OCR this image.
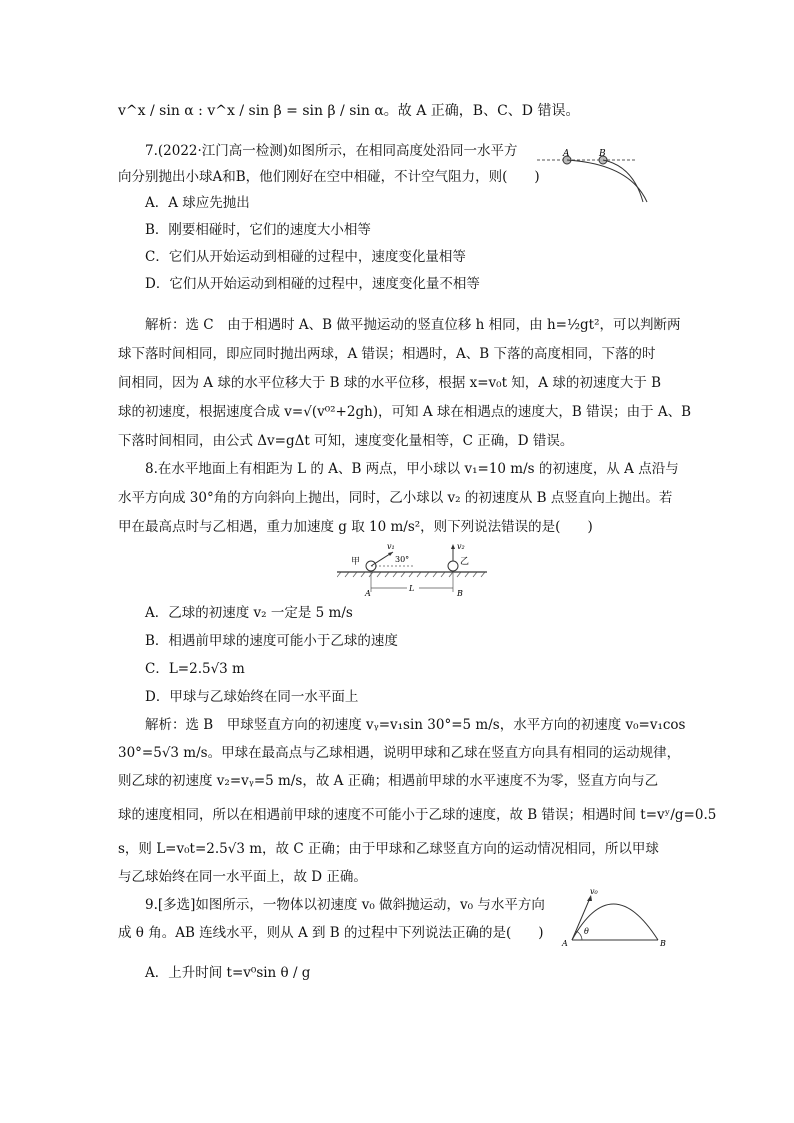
v^x / sin α : v^x / sin β = sin β / sin α。故 A 正确，B、C、D 错误。
7.(2022·江门高一检测)如图所示，在相同高度处沿同一水平方
向分别抛出小球A和B，他们刚好在空中相碰，不计空气阻力，则(　　)
A．A 球应先抛出
B．刚要相碰时，它们的速度大小相等
C．它们从开始运动到相碰的过程中，速度变化量相等
D．它们从开始运动到相碰的过程中，速度变化量不相等
A	B
解析：选 C　由于相遇时 A、B 做平抛运动的竖直位移 h 相同，由 h=½gt²，可以判断两
球下落时间相同，即应同时抛出两球，A 错误；相遇时，A、B 下落的高度相同，下落的时
间相同，因为 A 球的水平位移大于 B 球的水平位移，根据 x=v₀t 知，A 球的初速度大于 B
球的初速度，根据速度合成 v=√(v⁰²+2gh)，可知 A 球在相遇点的速度大，B 错误；由于 A、B
下落时间相同，由公式 Δv=gΔt 可知，速度变化量相等，C 正确，D 错误。
8.在水平地面上有相距为 L 的 A、B 两点，甲小球以 v₁=10 m/s 的初速度，从 A 点沿与
水平方向成 30°角的方向斜向上抛出，同时，乙小球以 v₂ 的初速度从 B 点竖直向上抛出。若
甲在最高点时与乙相遇，重力加速度 g 取 10 m/s²，则下列说法错误的是(　　)
甲	乙
v₁	v₂
30°
A	B
L
A．乙球的初速度 v₂ 一定是 5 m/s
B．相遇前甲球的速度可能小于乙球的速度
C．L=2.5√3 m
D．甲球与乙球始终在同一水平面上
解析：选 B　甲球竖直方向的初速度 vᵧ=v₁sin 30°=5 m/s，水平方向的初速度 v₀=v₁cos
30°=5√3 m/s。甲球在最高点与乙球相遇，说明甲球和乙球在竖直方向具有相同的运动规律，
则乙球的初速度 v₂=vᵧ=5 m/s，故 A 正确；相遇前甲球的水平速度不为零，竖直方向与乙
球的速度相同，所以在相遇前甲球的速度不可能小于乙球的速度，故 B 错误；相遇时间 t=vʸ/g=0.5
s，则 L=v₀t=2.5√3 m，故 C 正确；由于甲球和乙球竖直方向的运动情况相同，所以甲球
与乙球始终在同一水平面上，故 D 正确。
9.[多选]如图所示，一物体以初速度 v₀ 做斜抛运动，v₀ 与水平方向
成 θ 角。AB 连线水平，则从 A 到 B 的过程中下列说法正确的是(　　)
A．上升时间 t=v⁰sin θ / g
v₀
θ
A	B
